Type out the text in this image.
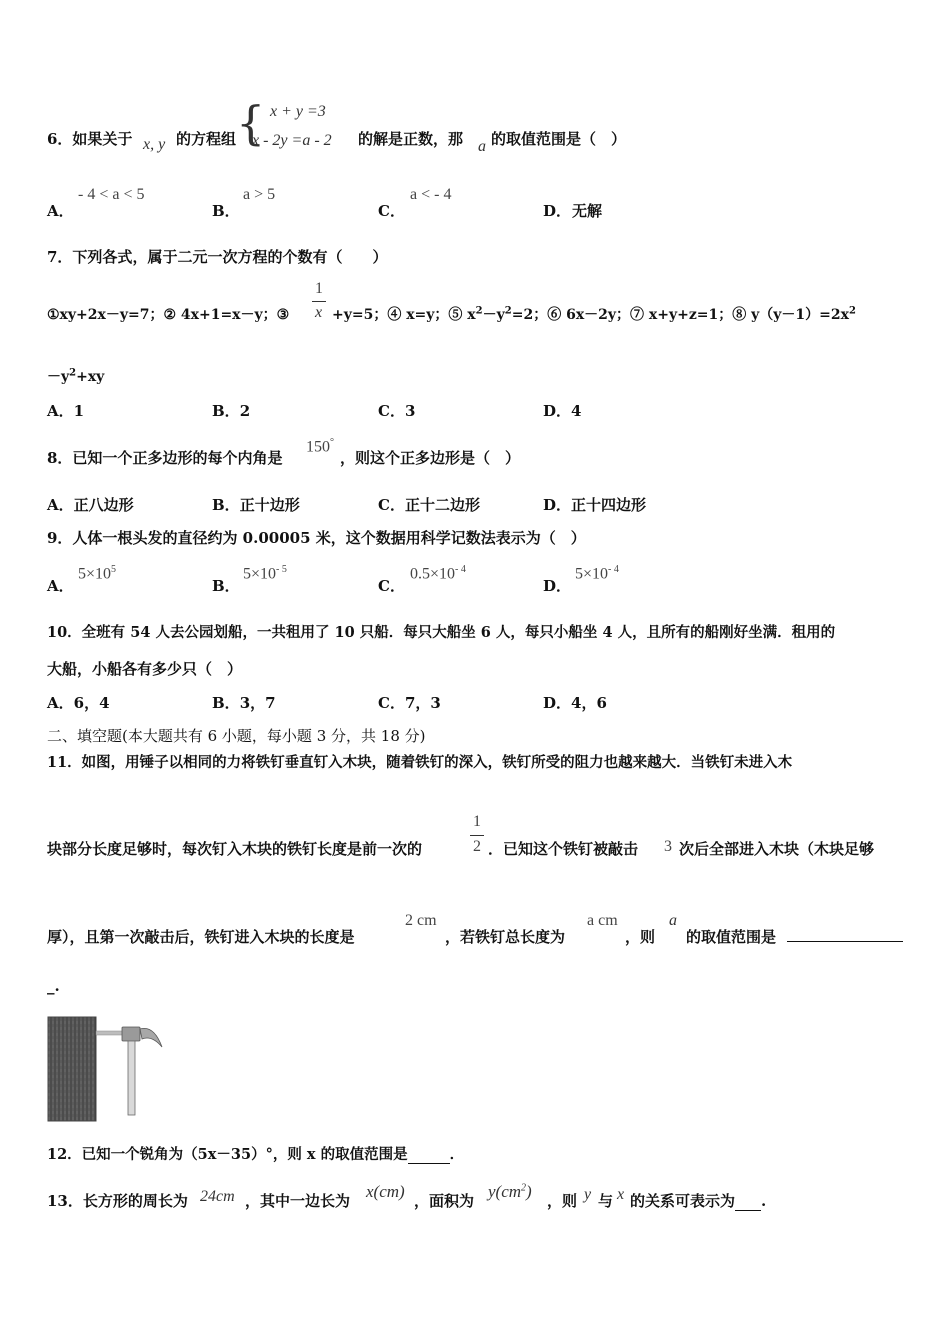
6．如果关于 x, y 的方程组 { x + y =3
x - 2y =a - 2 的解是正数，那 a 的取值范围是（　）
A．
- 4 < a < 5
B．
a > 5
C．
a < - 4
D． 无解
7．下列各式，属于二元一次方程的个数有（　　）
①xy+2x－y=7；② 4x+1=x－y；③
1
x +y=5；④ x=y；⑤ $x^2-y^2=2$；⑥ 6x－2y；⑦ x+y+z=1；⑧ $y(y-1)=2x^2$
$-y^2+xy$
A．1	B．2	C．3	D．4
8．已知一个正多边形的每个内角是
150°
，则这个正多边形是（　）
A．正八边形	B．正十边形	C．正十二边形	D．正十四边形
9．人体一根头发的直径约为 0.00005 米，这个数据用科学记数法表示为（　）
A．
$5\times 10^5$
B．
$5\times 10^{- 5}$
C．
$0.5\times 10^{- 4}$
D．
$5\times 10^{- 4}$
10．全班有 54 人去公园划船，一共租用了 10 只船．每只大船坐 6 人，每只小船坐 4 人，且所有的船刚好坐满．租用的
大船，小船各有多少只（　）
A．6，4	B．3，7	C．7，3	D．4，6
二、填空题(本大题共有 6 小题，每小题 3 分，共 18 分)
11．如图，用锤子以相同的力将铁钉垂直钉入木块，随着铁钉的深入，铁钉所受的阻力也越来越大．当铁钉未进入木
块部分长度足够时，每次钉入木块的铁钉长度是前一次的
1
2 ．已知这个铁钉被敲击 3 次后全部进入木块（木块足够
厚），且第一次敲击后，铁钉进入木块的长度是
2 cm
，若铁钉总长度为
a cm
，则
a
的取值范围是
_.
12．已知一个锐角为（5x－35）°，则 x 的取值范围是	．
13．长方形的周长为 24cm ，其中一边长为 x(cm) ，面积为 $y(cm^2)$ ，则 y 与 x 的关系可表示为 .
